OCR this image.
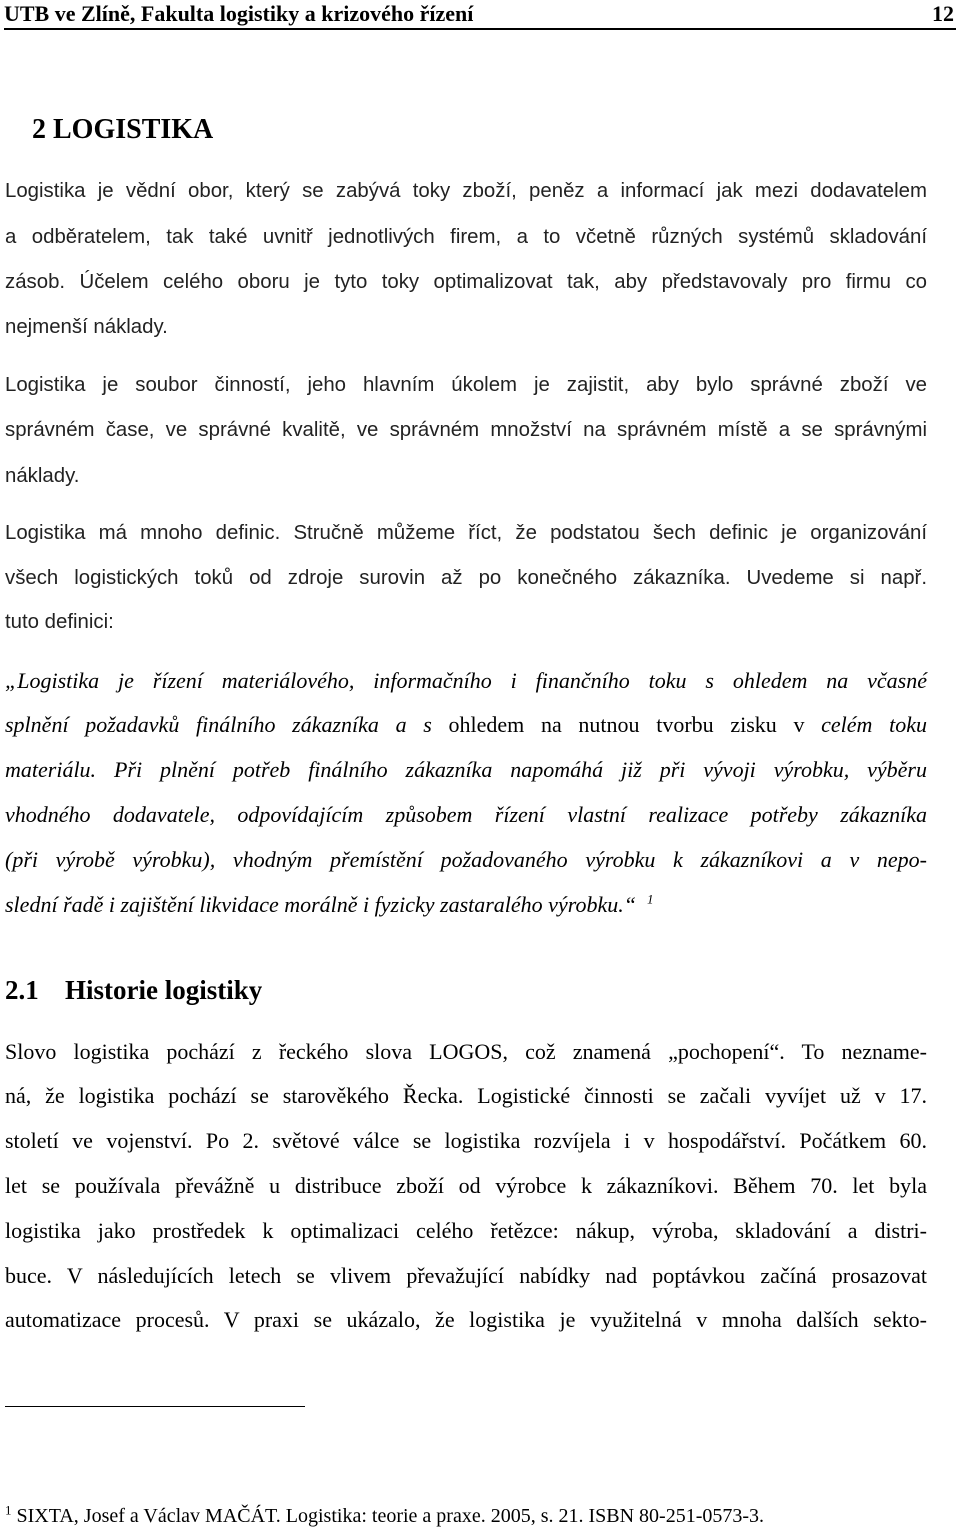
UTB ve Zlíně, Fakulta logistiky a krizového řízení	12
2 LOGISTIKA
Logistika je vědní obor, který se zabývá toky zboží, peněz a informací jak mezi dodavatelem
a odběratelem, tak také uvnitř jednotlivých firem, a to včetně různých systémů skladování
zásob. Účelem celého oboru je tyto toky optimalizovat tak, aby představovaly pro firmu co
nejmenší náklady.
Logistika je soubor činností, jeho hlavním úkolem je zajistit, aby bylo správné zboží ve
správném čase, ve správné kvalitě, ve správném množství na správném místě a se správnými
náklady.
Logistika má mnoho definic. Stručně můžeme říct, že podstatou šech definic je organizování
všech logistických toků od zdroje surovin až po konečného zákazníka. Uvedeme si např.
tuto definici:
„Logistika je řízení materiálového, informačního i finančního toku s ohledem na včasné
splnění požadavků finálního zákazníka a s ohledem na nutnou tvorbu zisku v celém toku
materiálu. Při plnění potřeb finálního zákazníka napomáhá již při vývoji výrobku, výběru
vhodného dodavatele, odpovídajícím způsobem řízení vlastní realizace potřeby zákazníka
(při výrobě výrobku), vhodným přemístění požadovaného výrobku k zákazníkovi a v nepo-
slední řadě i zajištění likvidace morálně i fyzicky zastaralého výrobku.“ $^1$
2.1 Historie logistiky
Slovo logistika pochází z řeckého slova LOGOS, což znamená „pochopení“. To neznаme-
ná, že logistika pochází se starověkého Řecka. Logistické činnosti se začali vyvíjet už v 17.
století ve vojenství. Po 2. světové válce se logistika rozvíjela i v hospodářství. Počátkem 60.
let se používala převážně u distribuce zboží od výrobce k zákazníkovi. Během 70. let byla
logistika jako prostředek k optimalizaci celého řetězce: nákup, výroba, skladování a distri-
buce. V následujících letech se vlivem převažující nabídky nad poptávkou začíná prosazovat
automatizace procesů. V praxi se ukázalo, že logistika je využitelná v mnoha dalších sekto-
$^1$ SIXTA, Josef a Václav MAČÁT. Logistika: teorie a praxe. 2005, s. 21. ISBN 80-251-0573-3.
